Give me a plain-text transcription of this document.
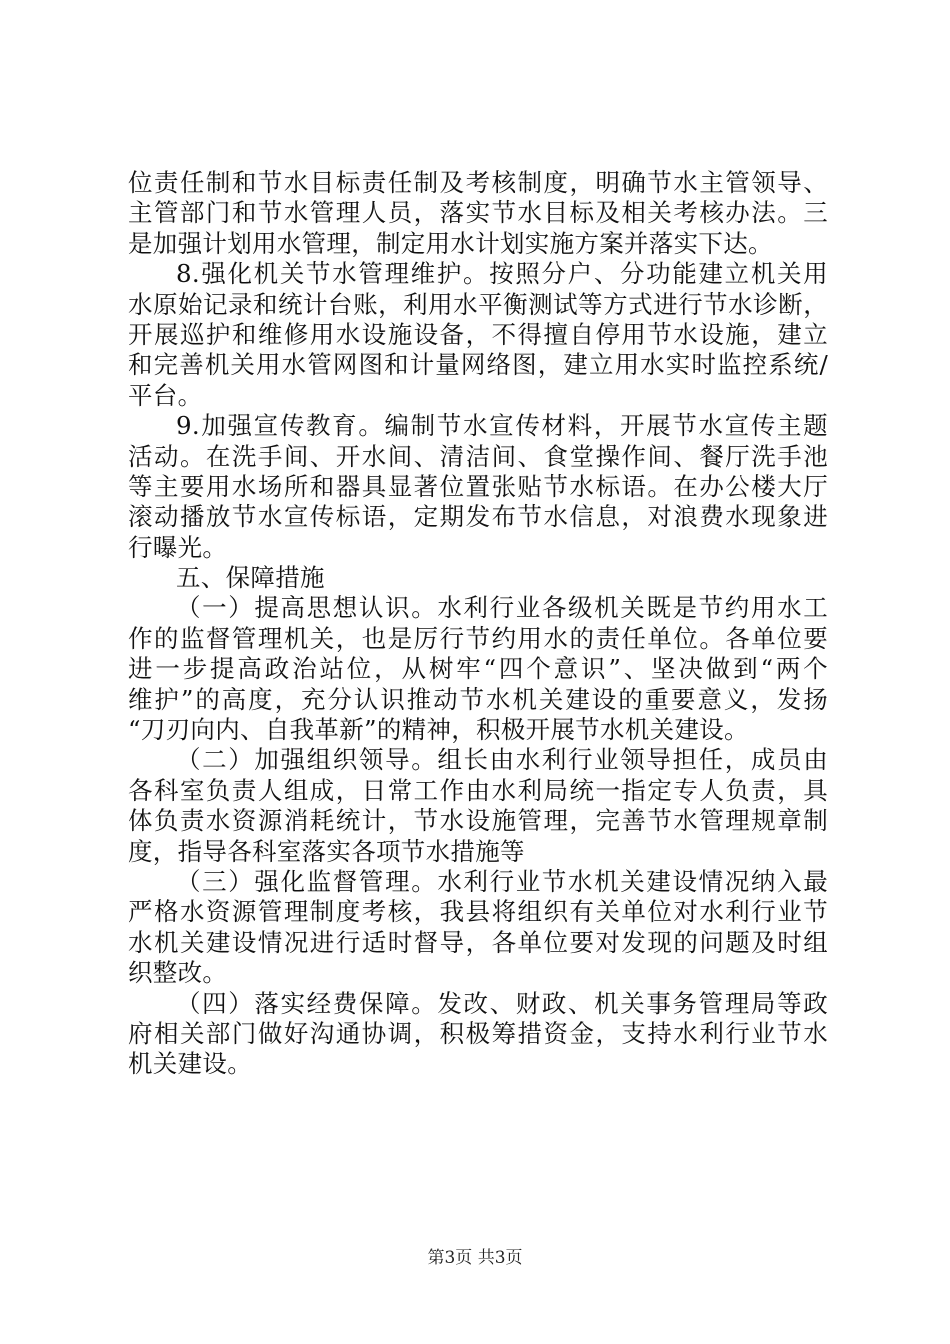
位责任制和节水目标责任制及考核制度，明确节水主管领导、
主管部门和节水管理人员，落实节水目标及相关考核办法。三
是加强计划用水管理，制定用水计划实施方案并落实下达。
8.强化机关节水管理维护。按照分户、分功能建立机关用
水原始记录和统计台账，利用水平衡测试等方式进行节水诊断，
开展巡护和维修用水设施设备，不得擅自停用节水设施，建立
和完善机关用水管网图和计量网络图，建立用水实时监控系统/
平台。
9.加强宣传教育。编制节水宣传材料，开展节水宣传主题
活动。在洗手间、开水间、清洁间、食堂操作间、餐厅洗手池
等主要用水场所和器具显著位置张贴节水标语。在办公楼大厅
滚动播放节水宣传标语，定期发布节水信息，对浪费水现象进
行曝光。
五、保障措施
（一）提高思想认识。水利行业各级机关既是节约用水工
作的监督管理机关，也是厉行节约用水的责任单位。各单位要
进一步提高政治站位，从树牢“四个意识”、坚决做到“两个
维护”的高度，充分认识推动节水机关建设的重要意义，发扬
“刀刃向内、自我革新”的精神，积极开展节水机关建设。
（二）加强组织领导。组长由水利行业领导担任，成员由
各科室负责人组成，日常工作由水利局统一指定专人负责，具
体负责水资源消耗统计，节水设施管理，完善节水管理规章制
度，指导各科室落实各项节水措施等
（三）强化监督管理。水利行业节水机关建设情况纳入最
严格水资源管理制度考核，我县将组织有关单位对水利行业节
水机关建设情况进行适时督导，各单位要对发现的问题及时组
织整改。
（四）落实经费保障。发改、财政、机关事务管理局等政
府相关部门做好沟通协调，积极筹措资金，支持水利行业节水
机关建设。
第3页 共3页
